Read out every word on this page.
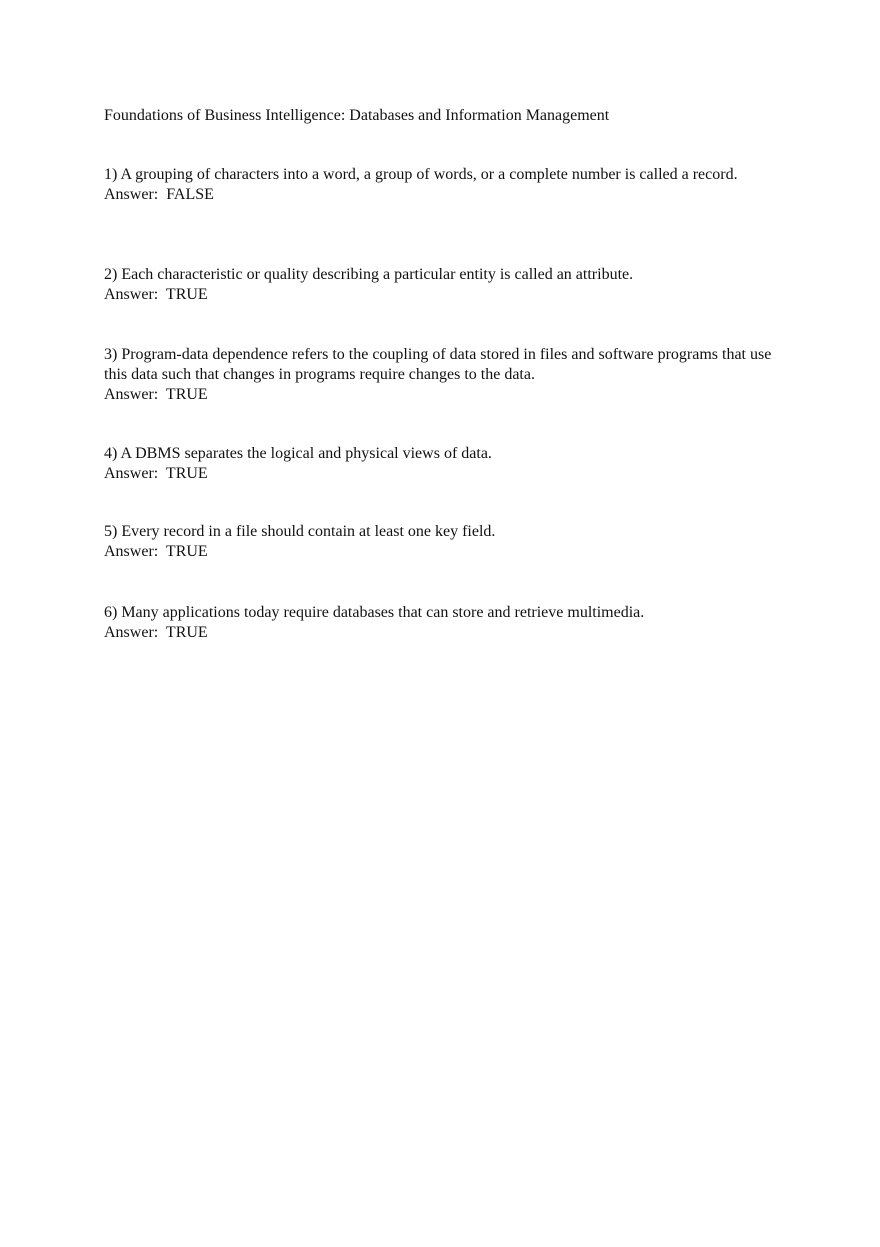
Foundations of Business Intelligence: Databases and Information Management
1) A grouping of characters into a word, a group of words, or a complete number is called a record.
Answer:  FALSE
2) Each characteristic or quality describing a particular entity is called an attribute.
Answer:  TRUE
3) Program-data dependence refers to the coupling of data stored in files and software programs that use this data such that changes in programs require changes to the data.
Answer:  TRUE
4) A DBMS separates the logical and physical views of data.
Answer:  TRUE
5) Every record in a file should contain at least one key field.
Answer:  TRUE
6) Many applications today require databases that can store and retrieve multimedia.
Answer:  TRUE
